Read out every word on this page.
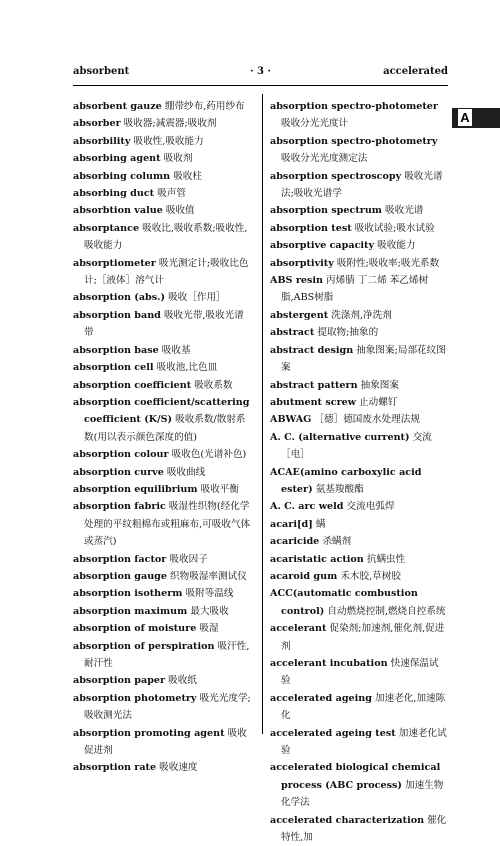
absorbent	· 3 ·	accelerated
A

absorbent gauze 绷带纱布,药用纱布

absorber 吸收器;减震器;吸收剂

absorbility 吸收性,吸收能力

absorbing agent 吸收剂

absorbing column 吸收柱

absorbing duct 吸声管

absorbtion value 吸收值

absorptance 吸收比,吸收系数;吸收性,吸收能力

absorptiometer 吸光测定计;吸收比色计;［液体］溶气计

absorption (abs.) 吸收［作用］

absorption band 吸收光带,吸收光谱带

absorption base 吸收基

absorption cell 吸收池,比色皿

absorption coefficient 吸收系数

absorption coefficient/scattering coefficient (K/S) 吸收系数/散射系数(用以表示颜色深度的值)

absorption colour 吸收色(光谱补色)

absorption curve 吸收曲线

absorption equilibrium 吸收平衡

absorption fabric 吸湿性织物(经化学处理的平纹粗棉布或粗麻布,可吸收气体或蒸汽)

absorption factor 吸收因子

absorption gauge 织物吸湿率测试仪

absorption isotherm 吸附等温线

absorption maximum 最大吸收

absorption of moisture 吸湿

absorption of perspiration 吸汗性,耐汗性

absorption paper 吸收纸

absorption photometry 吸光光度学;吸收测光法

absorption promoting agent 吸收促进剂

absorption rate 吸收速度

absorption spectro-photometer 吸收分光光度计

absorption spectro-photometry 吸收分光光度测定法

absorption spectroscopy 吸收光谱法;吸收光谱学

absorption spectrum 吸收光谱

absorption test 吸收试验;吸水试验

absorptive capacity 吸收能力

absorptivity 吸附性;吸收率;吸光系数

ABS resin 丙烯腈 丁二烯 苯乙烯树脂,ABS树脂

abstergent 洗涤剂,净洗剂

abstract 提取物;抽象的

abstract design 抽象图案;局部花纹图案

abstract pattern 抽象图案

abutment screw 止动螺钉

ABWAG ［德］德国废水处理法规

A. C. (alternative current) 交流［电］

ACAE(amino carboxylic acid ester) 氨基羧酸酯

A. C. arc weld 交流电弧焊

acari[d] 螨

acaricide 杀螨剂

acaristatic action 抗螨虫性

acaroid gum 禾木胶,草树胶

ACC(automatic combustion control) 自动燃烧控制,燃烧自控系统

accelerant 促染剂;加速剂,催化剂,促进剂

accelerant incubation 快速保温试验

accelerated ageing 加速老化,加速陈化

accelerated ageing test 加速老化试验

accelerated biological chemical process (ABC process) 加速生物化学法

accelerated characterization 催化特性,加
